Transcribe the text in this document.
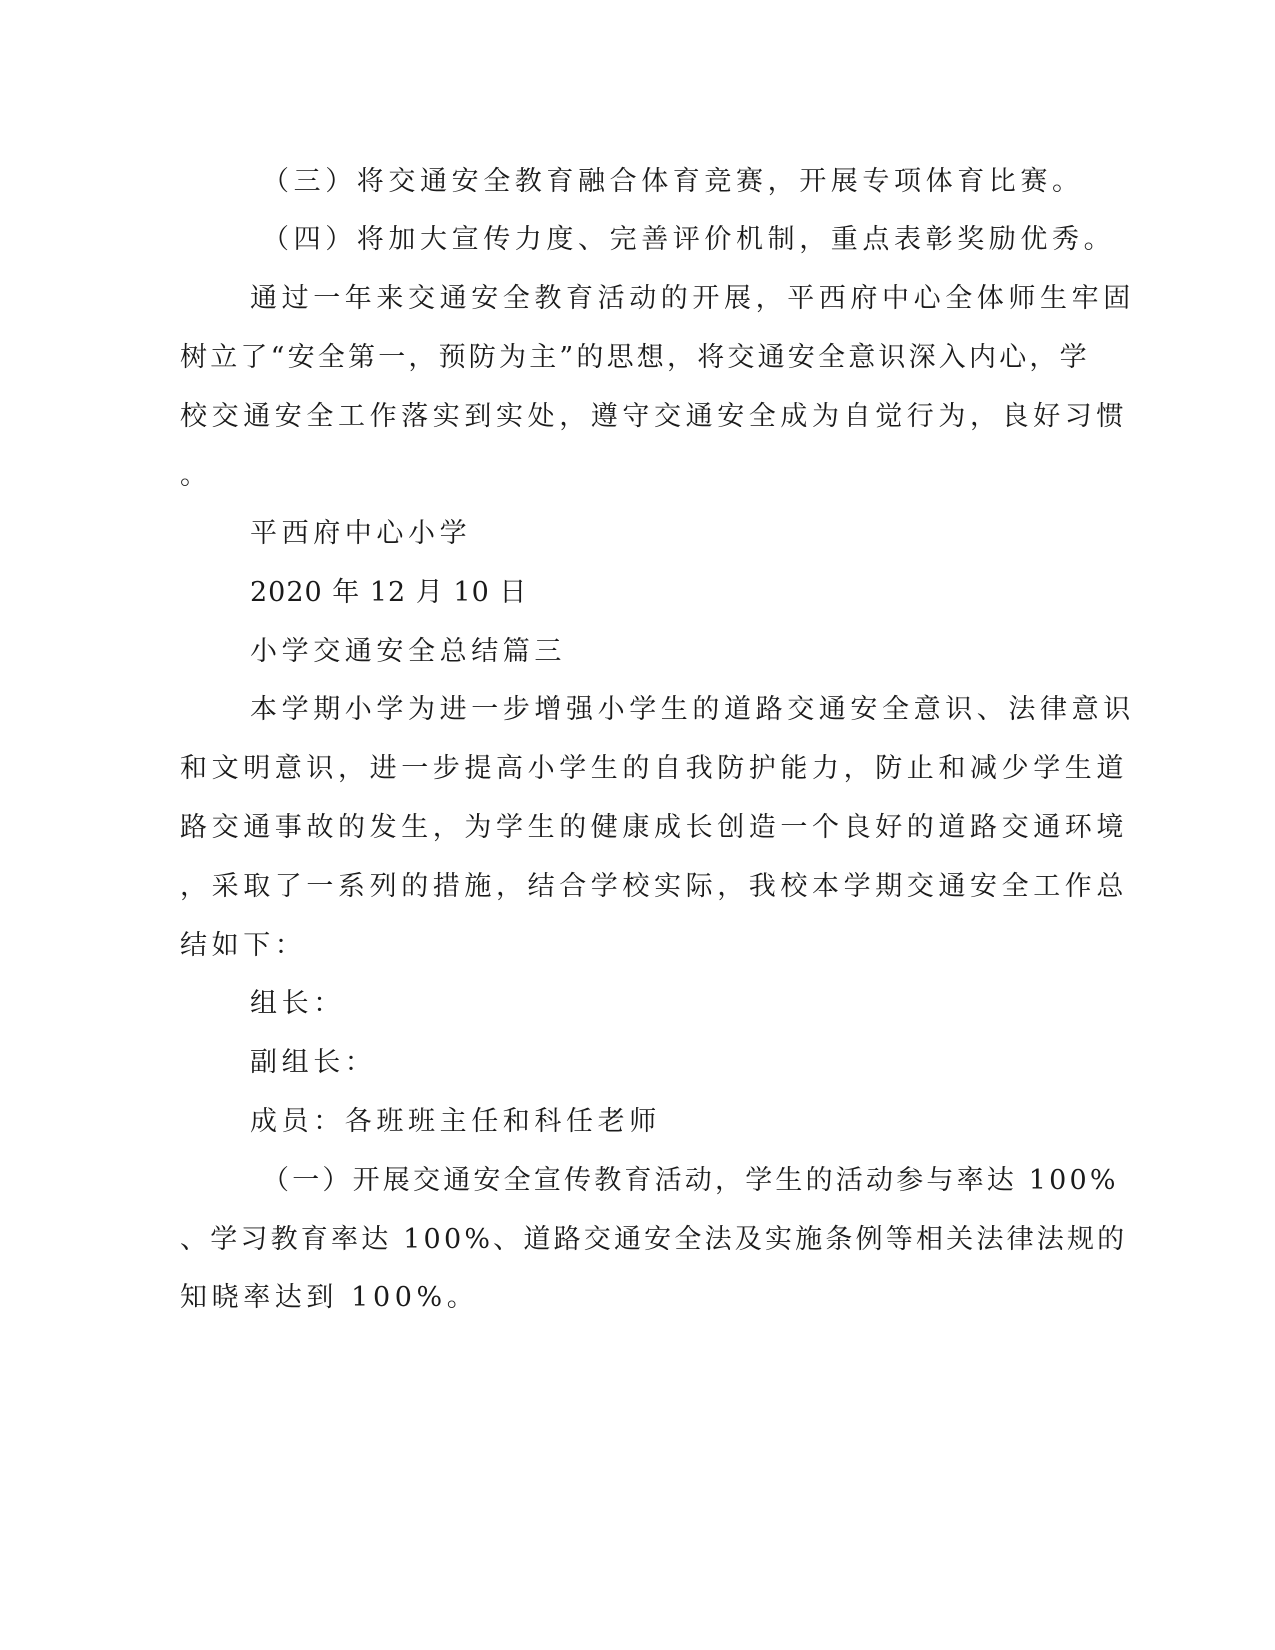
（三）将交通安全教育融合体育竞赛，开展专项体育比赛。
（四）将加大宣传力度、完善评价机制，重点表彰奖励优秀。
通过一年来交通安全教育活动的开展，平西府中心全体师生牢固
树立了“安全第一，预防为主”的思想，将交通安全意识深入内心，学
校交通安全工作落实到实处，遵守交通安全成为自觉行为，良好习惯
。
平西府中心小学
2020 年 12 月 10 日
小学交通安全总结篇三
本学期小学为进一步增强小学生的道路交通安全意识、法律意识
和文明意识，进一步提高小学生的自我防护能力，防止和减少学生道
路交通事故的发生，为学生的健康成长创造一个良好的道路交通环境
，采取了一系列的措施，结合学校实际，我校本学期交通安全工作总
结如下：
组长：
副组长：
成员：各班班主任和科任老师
（一）开展交通安全宣传教育活动，学生的活动参与率达 100%
、学习教育率达 100%、道路交通安全法及实施条例等相关法律法规的
知晓率达到 100%。
